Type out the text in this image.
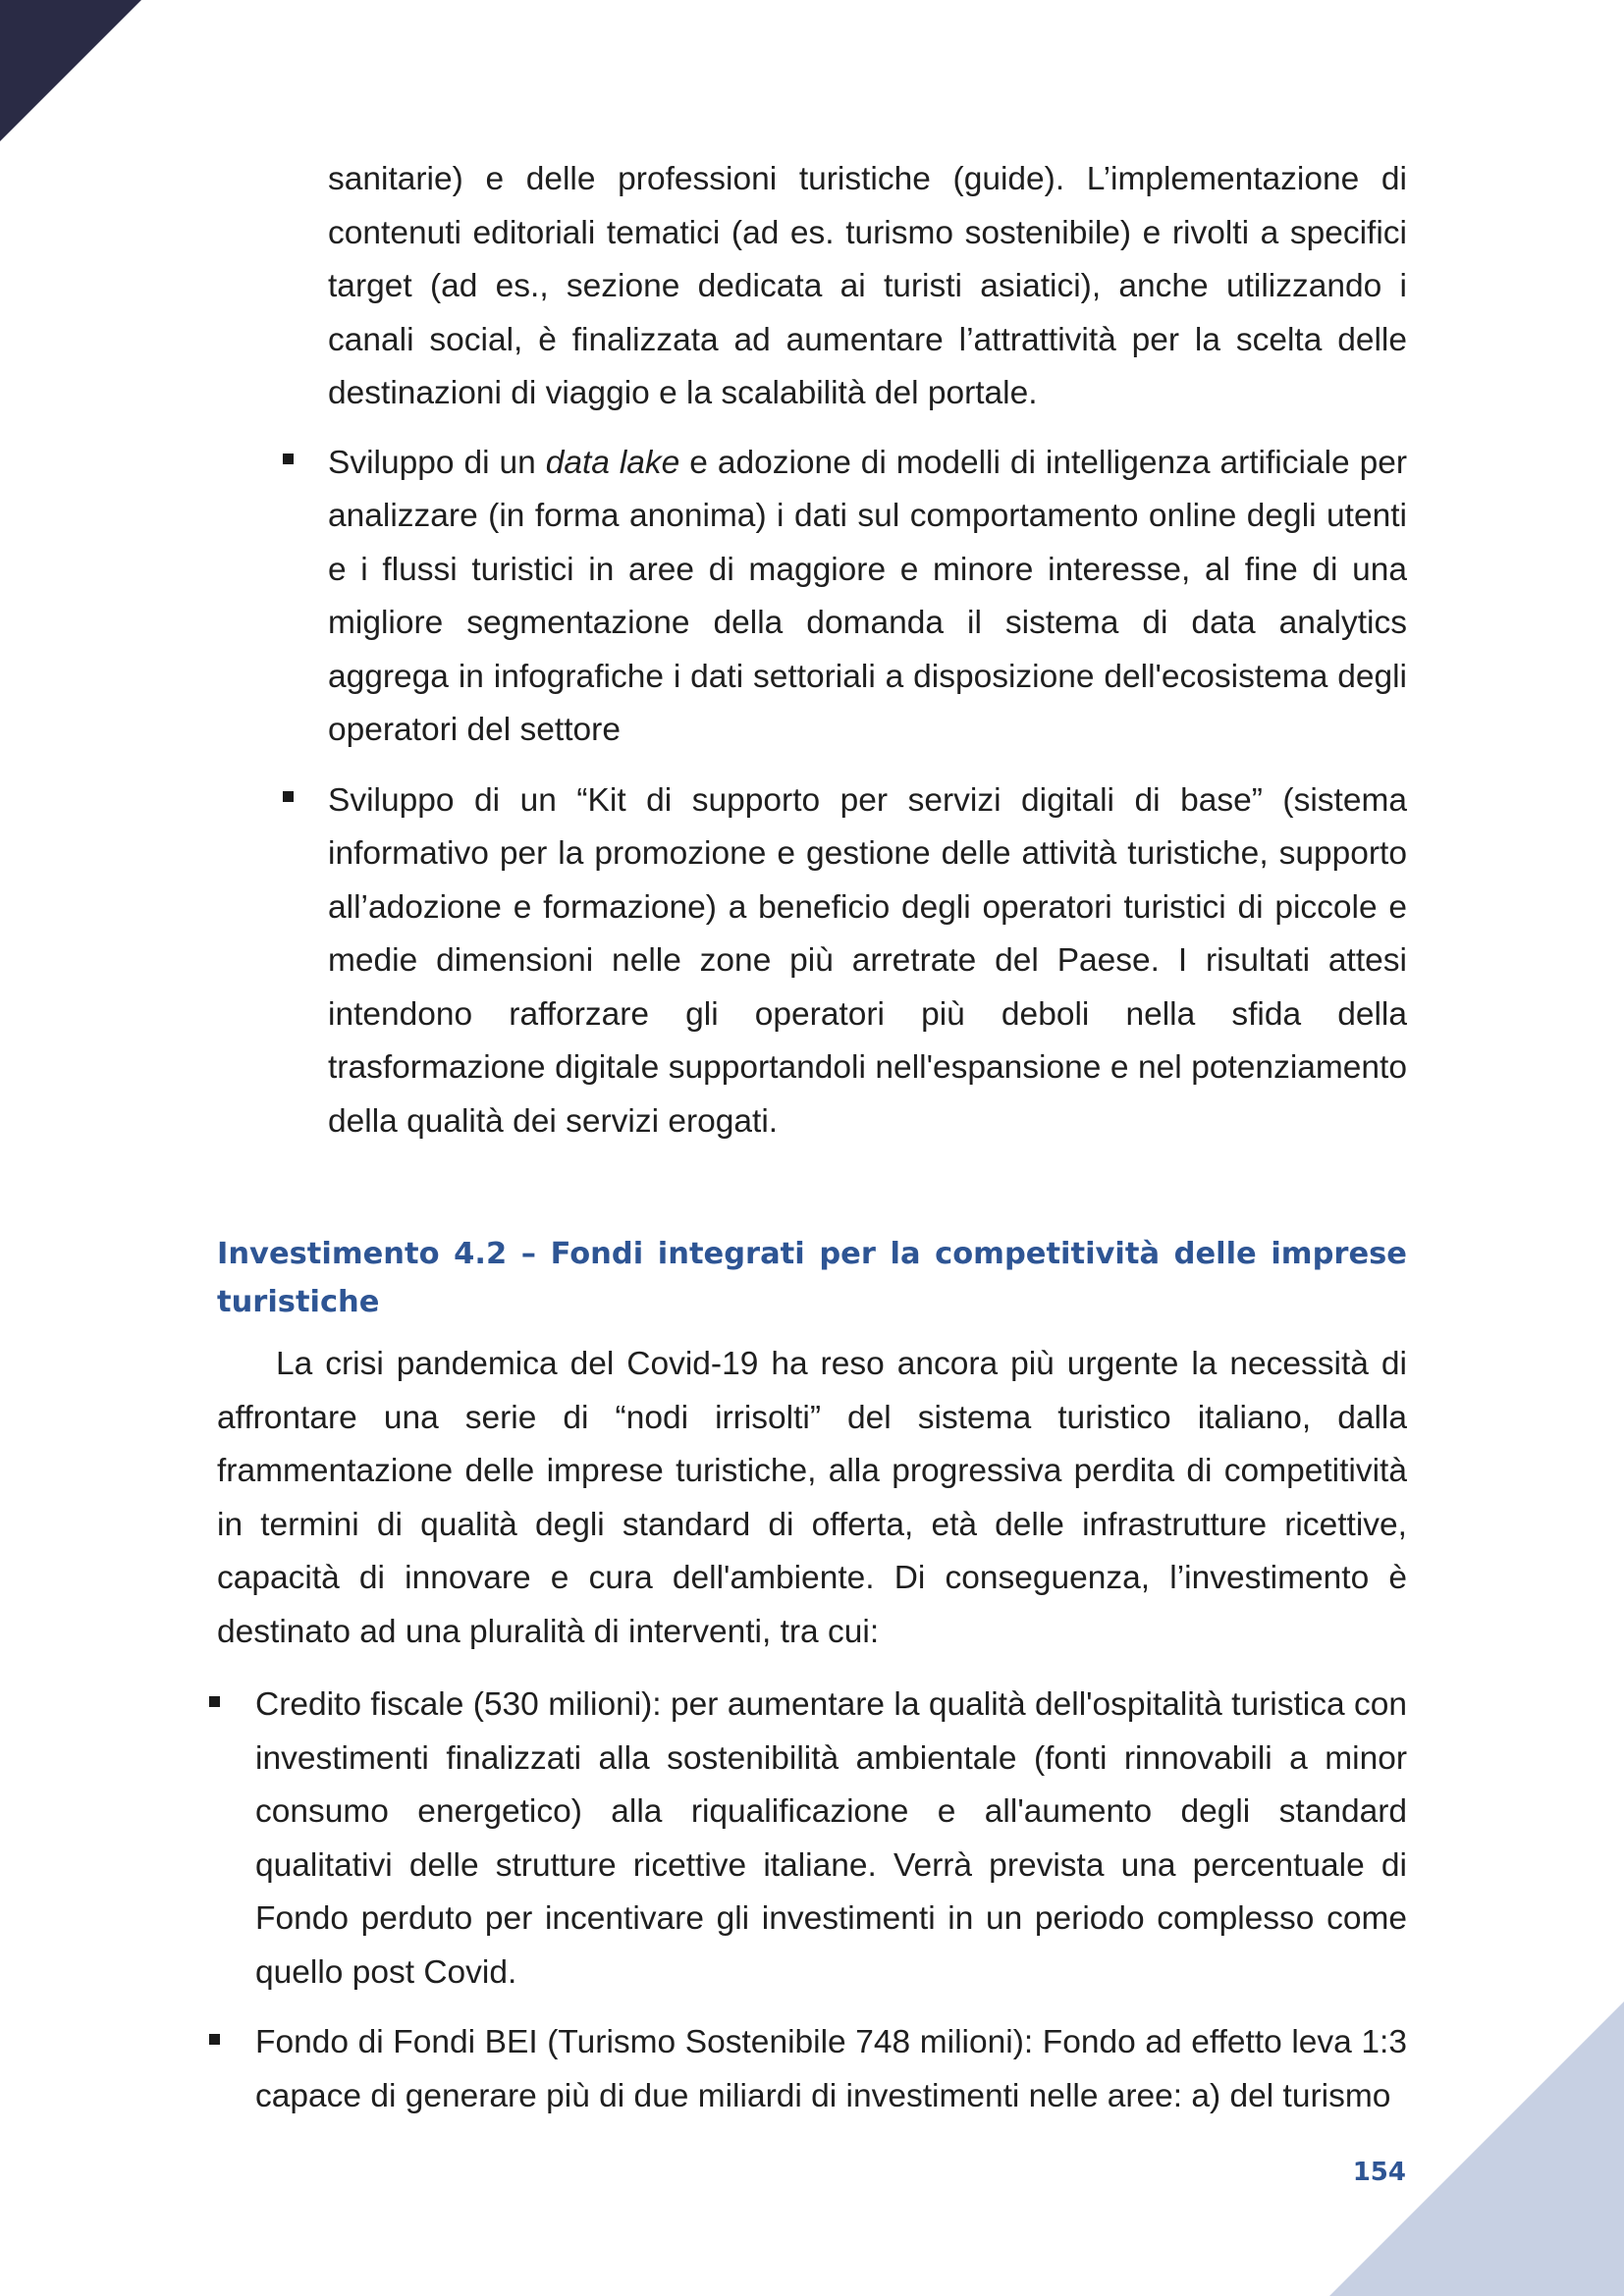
sanitarie) e delle professioni turistiche (guide). L’implementazione di contenuti editoriali tematici (ad es. turismo sostenibile) e rivolti a specifici target (ad es., sezione dedicata ai turisti asiatici), anche utilizzando i canali social, è finalizzata ad aumentare l’attrattività per la scelta delle destinazioni di viaggio e la scalabilità del portale.

Sviluppo di un data lake e adozione di modelli di intelligenza artificiale per analizzare (in forma anonima) i dati sul comportamento online degli utenti e i flussi turistici in aree di maggiore e minore interesse, al fine di una migliore segmentazione della domanda il sistema di data analytics aggrega in infografiche i dati settoriali a disposizione dell'ecosistema degli operatori del settore
Sviluppo di un “Kit di supporto per servizi digitali di base” (sistema informativo per la promozione e gestione delle attività turistiche, supporto all’adozione e formazione) a beneficio degli operatori turistici di piccole e medie dimensioni nelle zone più arretrate del Paese. I risultati attesi intendono rafforzare gli operatori più deboli nella sfida della trasformazione digitale supportandoli nell'espansione e nel potenziamento della qualità dei servizi erogati.
Investimento 4.2 – Fondi integrati per la competitività delle imprese turistiche

La crisi pandemica del Covid-19 ha reso ancora più urgente la necessità di affrontare una serie di “nodi irrisolti” del sistema turistico italiano, dalla frammentazione delle imprese turistiche, alla progressiva perdita di competitività in termini di qualità degli standard di offerta, età delle infrastrutture ricettive, capacità di innovare e cura dell'ambiente. Di conseguenza, l’investimento è destinato ad una pluralità di interventi, tra cui:

Credito fiscale (530 milioni): per aumentare la qualità dell'ospitalità turistica con investimenti finalizzati alla sostenibilità ambientale (fonti rinnovabili a minor consumo energetico) alla riqualificazione e all'aumento degli standard qualitativi delle strutture ricettive italiane. Verrà prevista una percentuale di Fondo perduto per incentivare gli investimenti in un periodo complesso come quello post Covid.
Fondo di Fondi BEI (Turismo Sostenibile 748 milioni): Fondo ad effetto leva 1:3 capace di generare più di due miliardi di investimenti nelle aree: a) del turismo
154
